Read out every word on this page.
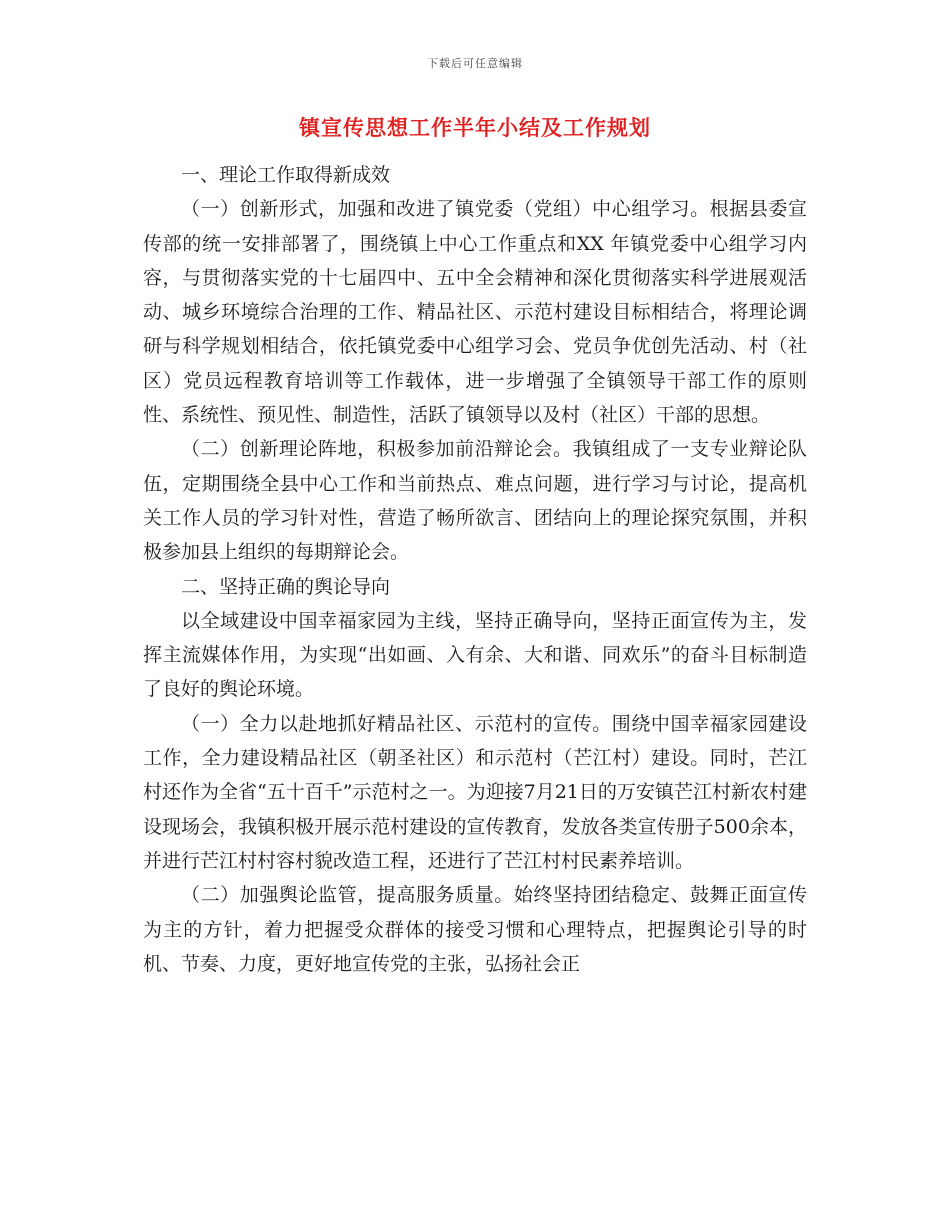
下载后可任意编辑
镇宣传思想工作半年小结及工作规划

一、理论工作取得新成效

（一）创新形式，加强和改进了镇党委（党组）中心组学习。根据县委宣传部的统一安排部署了，围绕镇上中心工作重点和XX 年镇党委中心组学习内容，与贯彻落实党的十七届四中、五中全会精神和深化贯彻落实科学进展观活动、城乡环境综合治理的工作、精品社区、示范村建设目标相结合，将理论调研与科学规划相结合，依托镇党委中心组学习会、党员争优创先活动、村（社区）党员远程教育培训等工作载体，进一步增强了全镇领导干部工作的原则性、系统性、预见性、制造性，活跃了镇领导以及村（社区）干部的思想。

（二）创新理论阵地，积极参加前沿辩论会。我镇组成了一支专业辩论队伍，定期围绕全县中心工作和当前热点、难点问题，进行学习与讨论，提高机关工作人员的学习针对性，营造了畅所欲言、团结向上的理论探究氛围，并积极参加县上组织的每期辩论会。

二、坚持正确的舆论导向

以全域建设中国幸福家园为主线，坚持正确导向，坚持正面宣传为主，发挥主流媒体作用，为实现“出如画、入有余、大和谐、同欢乐”的奋斗目标制造了良好的舆论环境。

（一）全力以赴地抓好精品社区、示范村的宣传。围绕中国幸福家园建设工作，全力建设精品社区（朝圣社区）和示范村（芒江村）建设。同时，芒江村还作为全省“五十百千”示范村之一。为迎接7月21日的万安镇芒江村新农村建设现场会，我镇积极开展示范村建设的宣传教育，发放各类宣传册子500余本，并进行芒江村村容村貌改造工程，还进行了芒江村村民素养培训。

（二）加强舆论监管，提高服务质量。始终坚持团结稳定、鼓舞正面宣传为主的方针，着力把握受众群体的接受习惯和心理特点，把握舆论引导的时机、节奏、力度，更好地宣传党的主张，弘扬社会正
